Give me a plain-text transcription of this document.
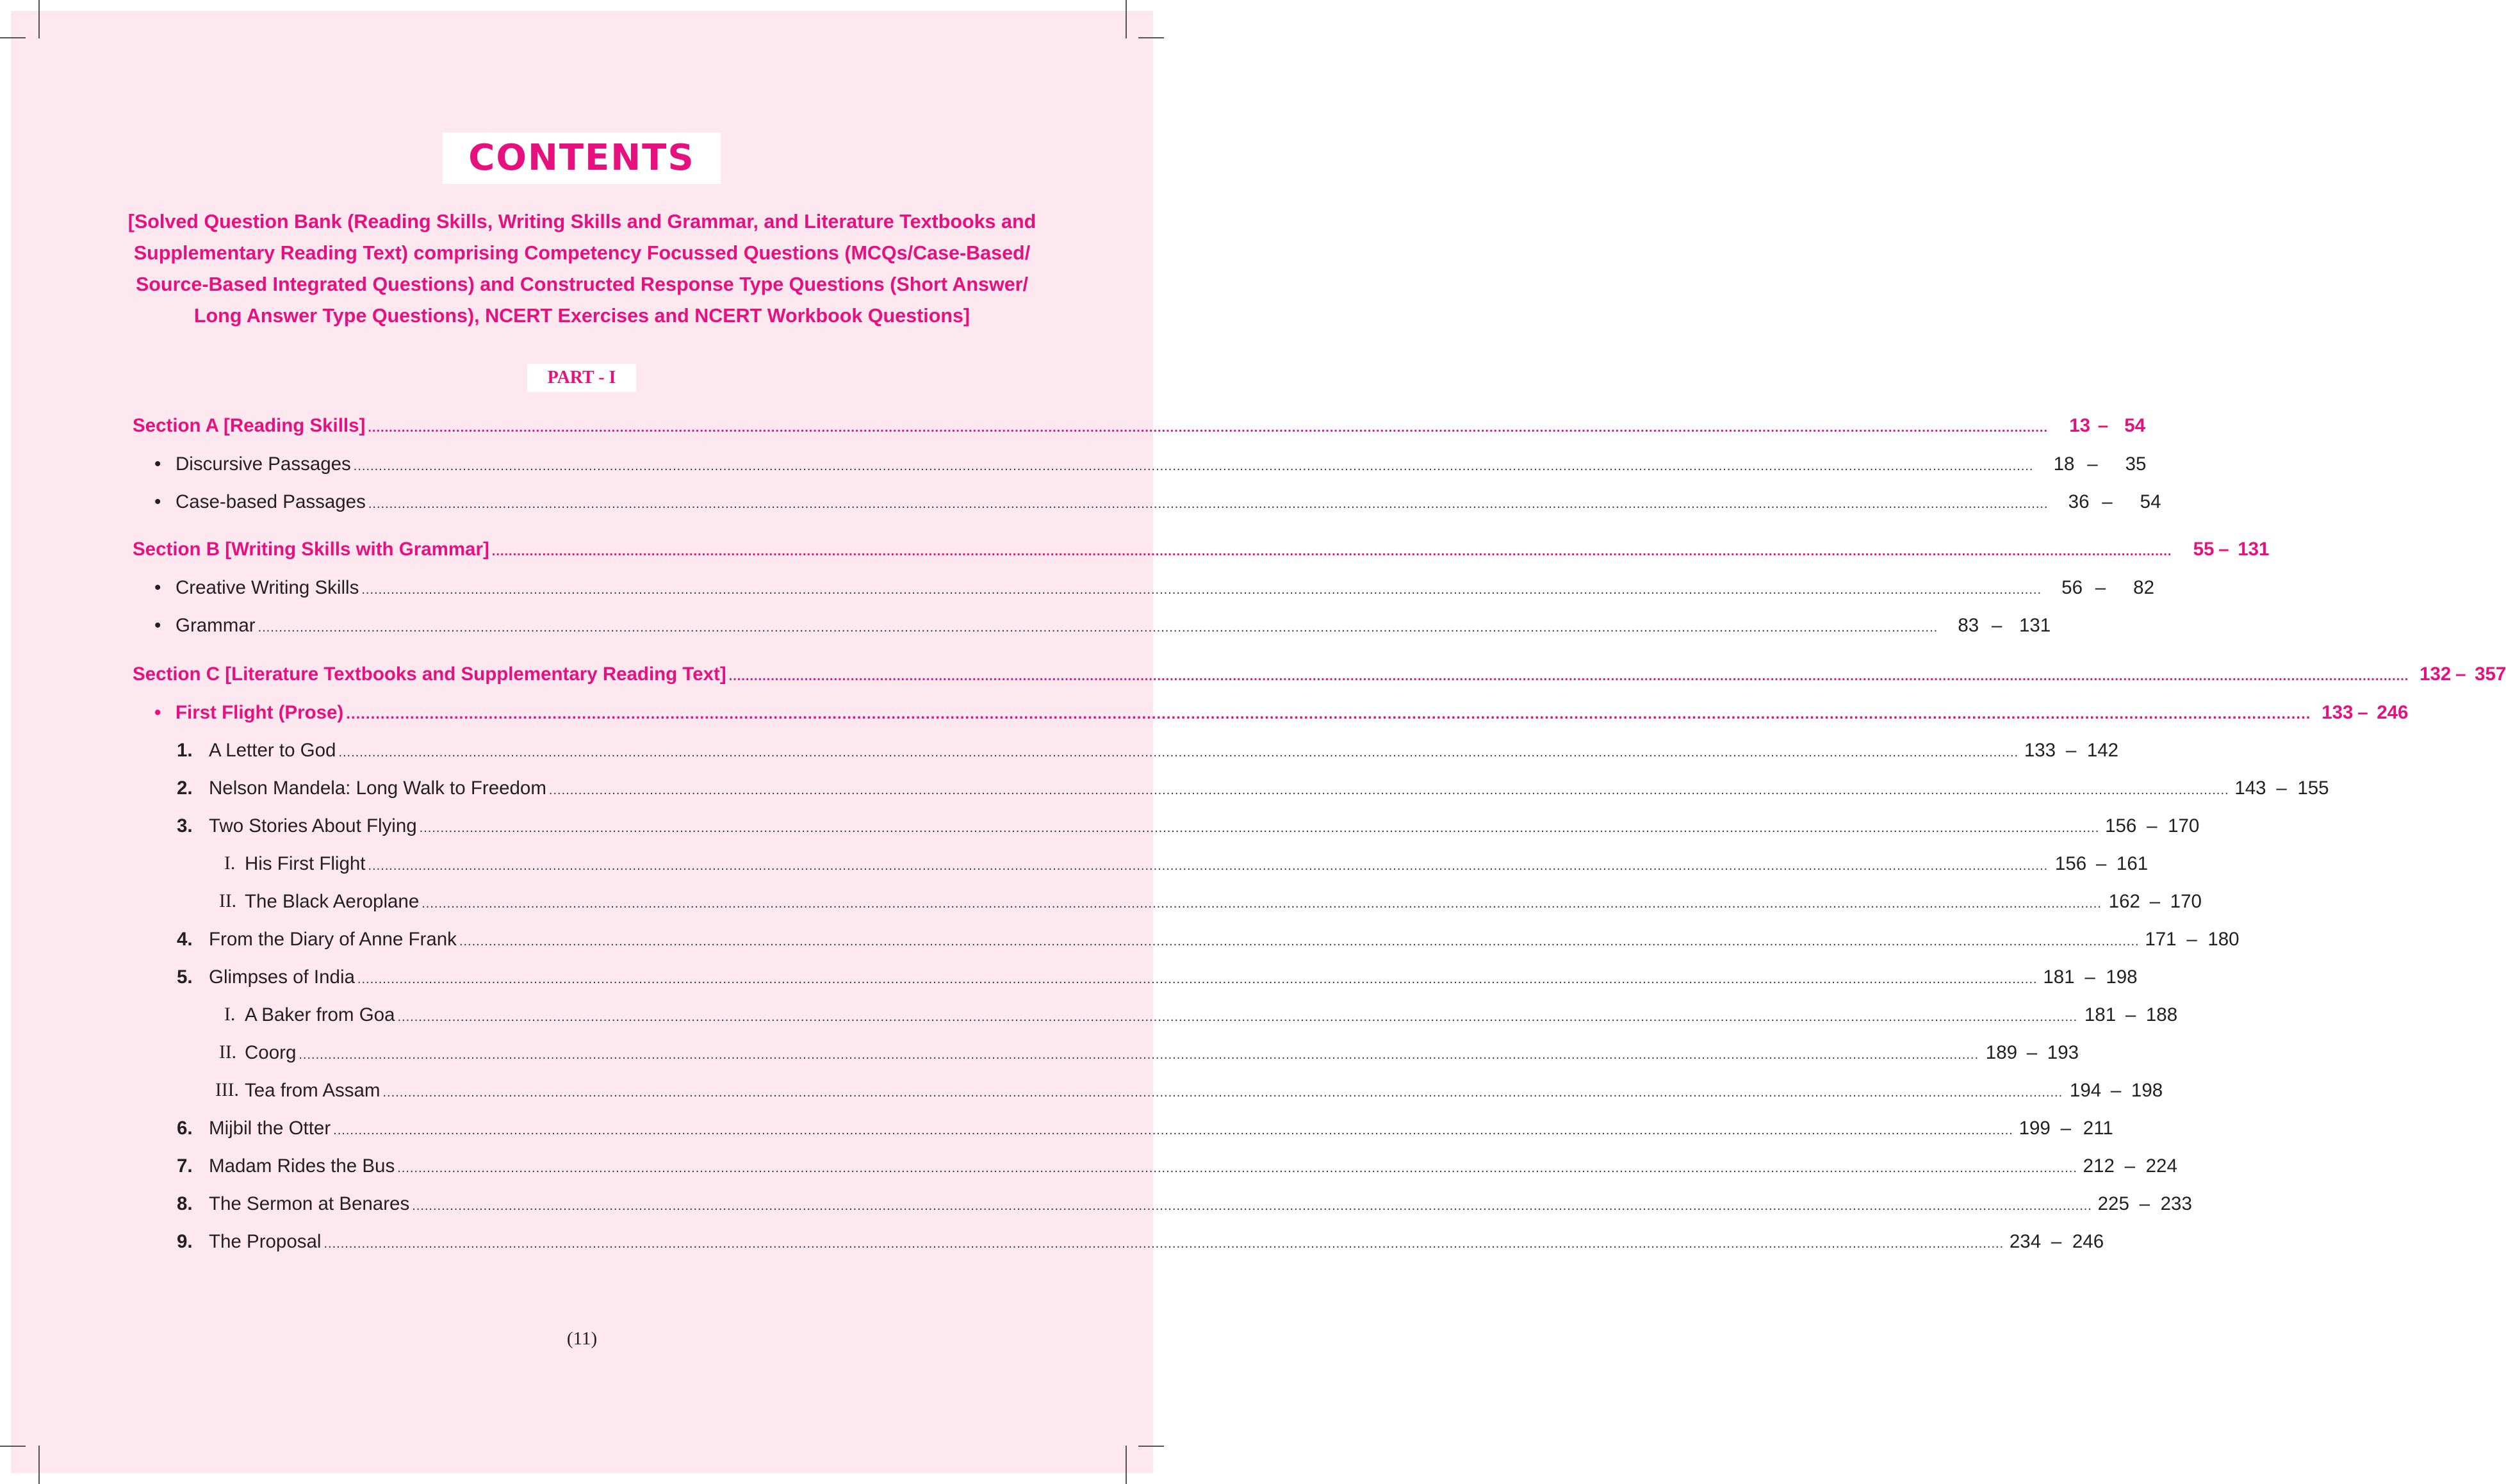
CONTENTS
[Solved Question Bank (Reading Skills, Writing Skills and Grammar, and Literature Textbooks and Supplementary Reading Text) comprising Competency Focussed Questions (MCQs/Case-Based/ Source-Based Integrated Questions) and Constructed Response Type Questions (Short Answer/ Long Answer Type Questions), NCERT Exercises and NCERT Workbook Questions]
PART - I
Section A [Reading Skills] ................................................................................................................................................................................................................................................................................................................................................................................................................	13 – 54
• Discursive Passages ................................................................................................................................................................................................................................................................................................................................................................................................................	18 –	35
• Case-based Passages ................................................................................................................................................................................................................................................................................................................................................................................................................	36 –	54
Section B [Writing Skills with Grammar] ................................................................................................................................................................................................................................................................................................................................................................................................................	55 – 131
• Creative Writing Skills ................................................................................................................................................................................................................................................................................................................................................................................................................	56 –	82
• Grammar ................................................................................................................................................................................................................................................................................................................................................................................................................	83 – 131
Section C [Literature Textbooks and Supplementary Reading Text] ................................................................................................................................................................................................................................................................................................................................................................................................................ 132 – 357
• First Flight (Prose) ................................................................................................................................................................................................................................................................................................................................................................................................................ 133 – 246
1. A Letter to God ................................................................................................................................................................................................................................................................................................................................................................................................................ 133 – 142
2. Nelson Mandela: Long Walk to Freedom ................................................................................................................................................................................................................................................................................................................................................................................................................ 143 – 155
3. Two Stories About Flying ................................................................................................................................................................................................................................................................................................................................................................................................................ 156 – 170
I. His First Flight ................................................................................................................................................................................................................................................................................................................................................................................................................ 156 – 161
II. The Black Aeroplane ................................................................................................................................................................................................................................................................................................................................................................................................................ 162 – 170
4. From the Diary of Anne Frank ................................................................................................................................................................................................................................................................................................................................................................................................................ 171 – 180
5. Glimpses of India ................................................................................................................................................................................................................................................................................................................................................................................................................ 181 – 198
I. A Baker from Goa ................................................................................................................................................................................................................................................................................................................................................................................................................ 181 – 188
II. Coorg ................................................................................................................................................................................................................................................................................................................................................................................................................ 189 – 193
III. Tea from Assam ................................................................................................................................................................................................................................................................................................................................................................................................................ 194 – 198
6. Mijbil the Otter ................................................................................................................................................................................................................................................................................................................................................................................................................ 199 – 211
7. Madam Rides the Bus ................................................................................................................................................................................................................................................................................................................................................................................................................ 212 – 224
8. The Sermon at Benares ................................................................................................................................................................................................................................................................................................................................................................................................................ 225 – 233
9. The Proposal ................................................................................................................................................................................................................................................................................................................................................................................................................ 234 – 246
(11)
